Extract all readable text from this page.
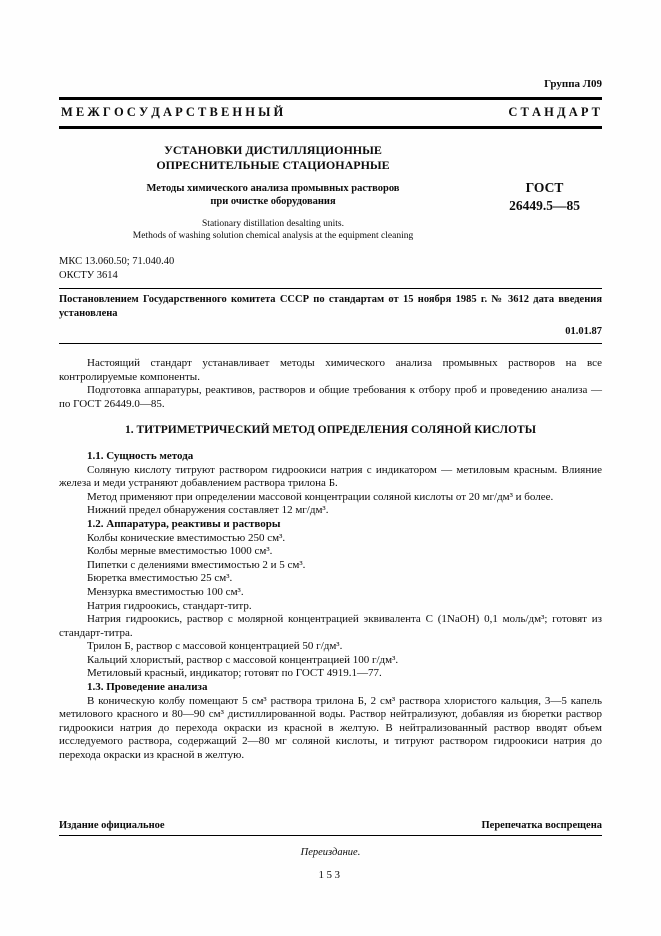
Группа Л09
М Е Ж Г О С У Д А Р С Т В Е Н Н Ы Й	С Т А Н Д А Р Т
УСТАНОВКИ ДИСТИЛЛЯЦИОННЫЕ
ОПРЕСНИТЕЛЬНЫЕ СТАЦИОНАРНЫЕ
Методы химического анализа промывных растворов
при очистке оборудования
Stationary distillation desalting units.
Methods of washing solution chemical analysis at the equipment cleaning
ГОСТ
26449.5—85
МКС 13.060.50; 71.040.40
ОКСТУ 3614

Постановлением Государственного комитета СССР по стандартам от 15 ноября 1985 г. № 3612 дата введения установлена

01.01.87

Настоящий стандарт устанавливает методы химического анализа промывных растворов на все контролируемые компоненты.

Подготовка аппаратуры, реактивов, растворов и общие требования к отбору проб и проведению анализа — по ГОСТ 26449.0—85.

1. ТИТРИМЕТРИЧЕСКИЙ МЕТОД ОПРЕДЕЛЕНИЯ СОЛЯНОЙ КИСЛОТЫ

1.1. Сущность метода

Соляную кислоту титруют раствором гидроокиси натрия с индикатором — метиловым красным. Влияние железа и меди устраняют добавлением раствора трилона Б.

Метод применяют при определении массовой концентрации соляной кислоты от 20 мг/дм³ и более.

Нижний предел обнаружения составляет 12 мг/дм³.

1.2. Аппаратура, реактивы и растворы

Колбы конические вместимостью 250 см³.

Колбы мерные вместимостью 1000 см³.

Пипетки с делениями вместимостью 2 и 5 см³.

Бюретка вместимостью 25 см³.

Мензурка вместимостью 100 см³.

Натрия гидроокись, стандарт-титр.

Натрия гидроокись, раствор с молярной концентрацией эквивалента С (1NaOH) 0,1 моль/дм³; готовят из стандарт-титра.

Трилон Б, раствор с массовой концентрацией 50 г/дм³.

Кальций хлористый, раствор с массовой концентрацией 100 г/дм³.

Метиловый красный, индикатор; готовят по ГОСТ 4919.1—77.

1.3. Проведение анализа

В коническую колбу помещают 5 см³ раствора трилона Б, 2 см³ раствора хлористого кальция, 3—5 капель метилового красного и 80—90 см³ дистиллированной воды. Раствор нейтрализуют, добавляя из бюретки раствор гидроокиси натрия до перехода окраски из красной в желтую. В нейтрализованный раствор вводят объем исследуемого раствора, содержащий 2—80 мг соляной кислоты, и титруют раствором гидроокиси натрия до перехода окраски из красной в желтую.

Издание официальное	Перепечатка воспрещена
Переиздание.
153
